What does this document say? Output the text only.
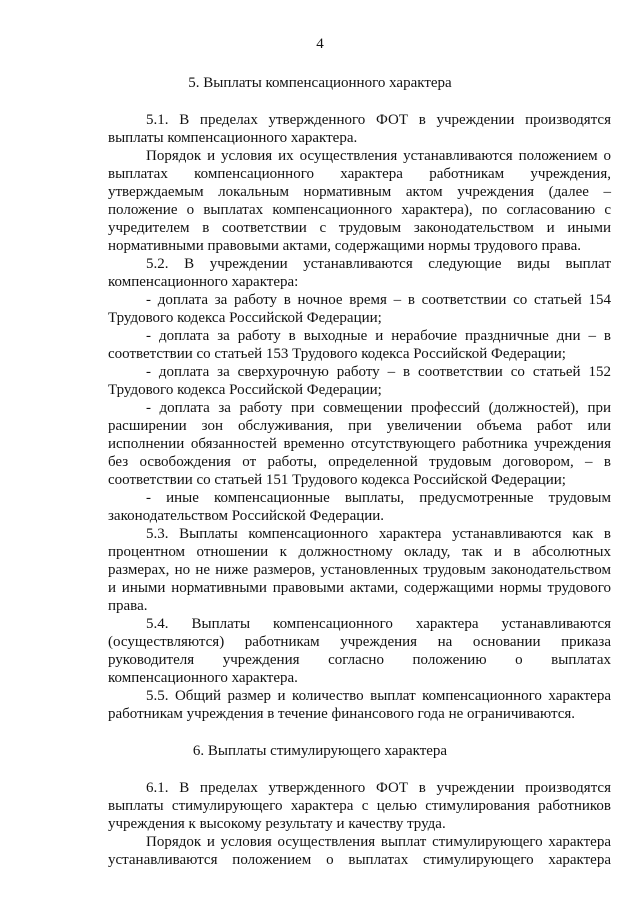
4
5. Выплаты компенсационного характера
5.1. В пределах утвержденного ФОТ в учреждении производятся
выплаты компенсационного характера.
Порядок и условия их осуществления устанавливаются положением о
выплатах компенсационного характера работникам учреждения,
утверждаемым локальным нормативным актом учреждения (далее –
положение о выплатах компенсационного характера), по согласованию с
учредителем в соответствии с трудовым законодательством и иными
нормативными правовыми актами, содержащими нормы трудового права.
5.2. В учреждении устанавливаются следующие виды выплат
компенсационного характера:
- доплата за работу в ночное время – в соответствии со статьей 154
Трудового кодекса Российской Федерации;
- доплата за работу в выходные и нерабочие праздничные дни – в
соответствии со статьей 153 Трудового кодекса Российской Федерации;
- доплата за сверхурочную работу – в соответствии со статьей 152
Трудового кодекса Российской Федерации;
- доплата за работу при совмещении профессий (должностей), при
расширении зон обслуживания, при увеличении объема работ или
исполнении обязанностей временно отсутствующего работника учреждения
без освобождения от работы, определенной трудовым договором, – в
соответствии со статьей 151 Трудового кодекса Российской Федерации;
- иные компенсационные выплаты, предусмотренные трудовым
законодательством Российской Федерации.
5.3. Выплаты компенсационного характера устанавливаются как в
процентном отношении к должностному окладу, так и в абсолютных
размерах, но не ниже размеров, установленных трудовым законодательством
и иными нормативными правовыми актами, содержащими нормы трудового
права.
5.4. Выплаты компенсационного характера устанавливаются
(осуществляются) работникам учреждения на основании приказа
руководителя учреждения согласно положению о выплатах
компенсационного характера.
5.5. Общий размер и количество выплат компенсационного характера
работникам учреждения в течение финансового года не ограничиваются.
6. Выплаты стимулирующего характера
6.1. В пределах утвержденного ФОТ в учреждении производятся
выплаты стимулирующего характера с целью стимулирования работников
учреждения к высокому результату и качеству труда.
Порядок и условия осуществления выплат стимулирующего характера
устанавливаются положением о выплатах стимулирующего характера
